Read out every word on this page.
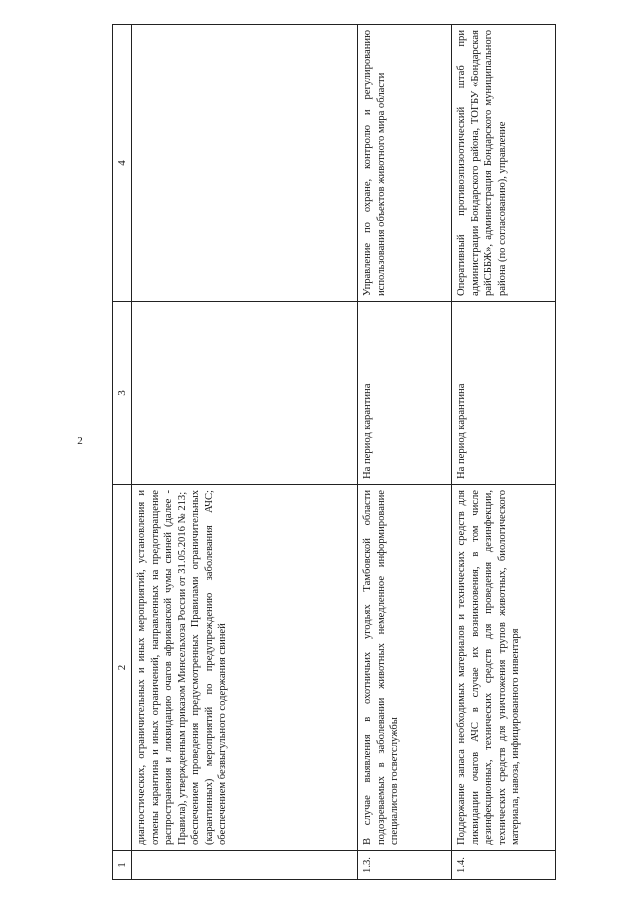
2
1	2	3	4

	диагностических, ограничительных и иных мероприятий, установления и отмены карантина и иных ограничений, направленных на предотвращение распространения и ликвидацию очагов африканской чумы свиней (далее - Правила), утвержденным приказом Минсельхоза России от 31.05.2016 № 213; обеспечением проведения предусмотренных Правилами ограничительных (карантинных) мероприятий по предупреждению заболевания АЧС; обеспечением безвыгульного содержания свиней		

1.3.	В случае выявления в охотничьих угодьях Тамбовской области подозреваемых в заболевании животных немедленное информирование специалистов госветслужбы	На период карантина	Управление по охране, контролю и регулированию использования объектов животного мира области
1.4.	Поддержание запаса необходимых материалов и технических средств для ликвидации очагов АЧС в случае их возникновения, в том числе дезинфекционных, технических средств для проведения дезинфекции, технических средств для уничтожения трупов животных, биологического материала, навоза, инфицированного инвентаря	На период карантина	Оперативный противоэпизоотический штаб при администрации Бондарского района, ТОГБУ «Бондарская райСББЖ», администрация Бондарского муниципального района (по согласованию), управление
